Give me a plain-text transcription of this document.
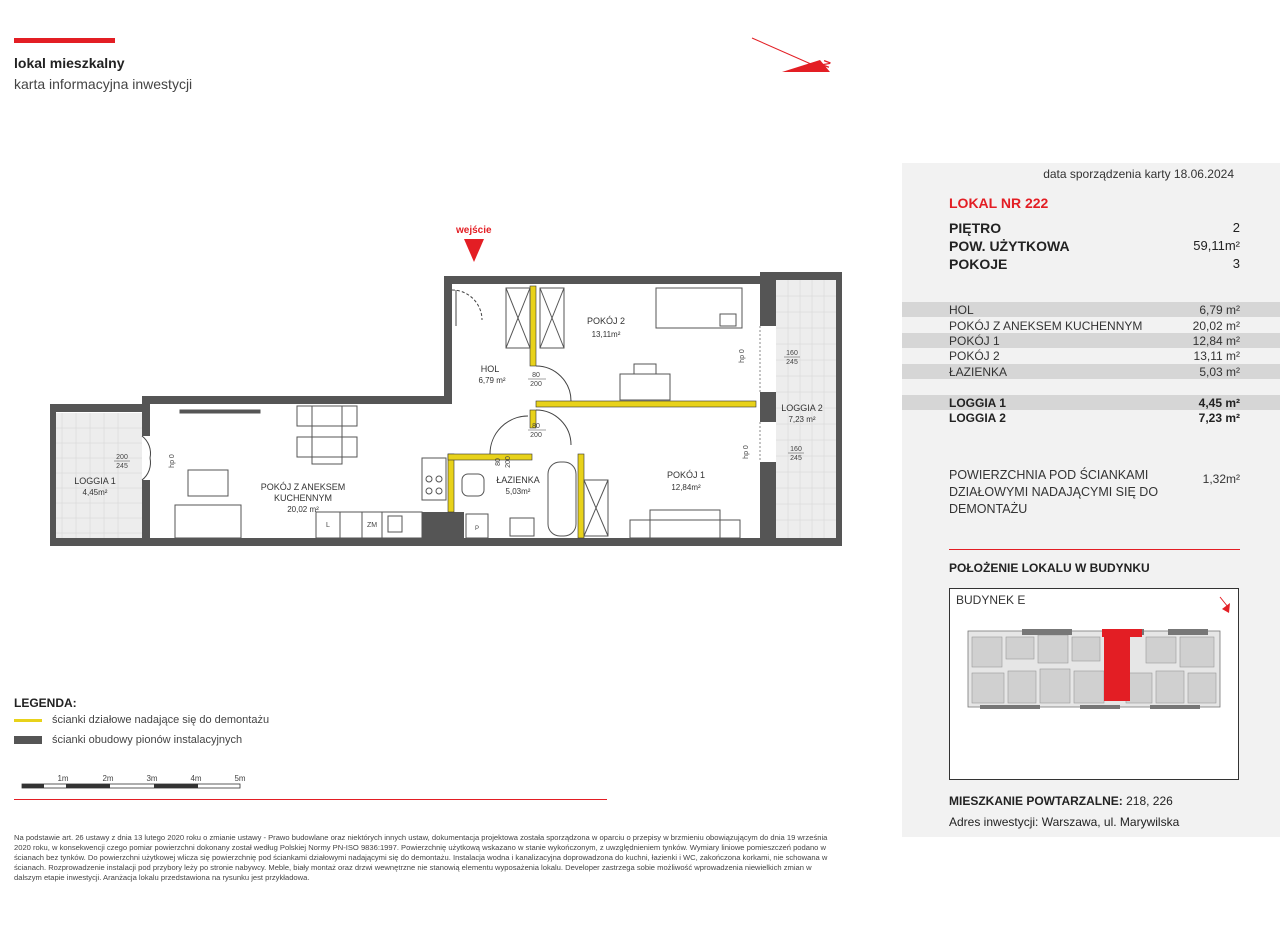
lokal mieszkalny
karta informacyjna inwestycji
N
HOL
6,79 m²
POKÓJ 2
13,11m²
POKÓJ 1
12,84m²
ŁAZIENKA
5,03m²
POKÓJ Z ANEKSEM
KUCHENNYM
20,02 m²
LOGGIA 1
4,45m²
LOGGIA 2
7,23 m²
80
200
80
200
80 200
160
245
160
245
200
245
hp 0
hp 0
hp 0
L	ZM	P
1m	2m	3m	4m	5m
wejście
LEGENDA:
ścianki działowe nadające się do demontażu
ścianki obudowy pionów instalacyjnych
Na podstawie art. 26 ustawy z dnia 13 lutego 2020 roku o zmianie ustawy - Prawo budowlane oraz niektórych innych ustaw, dokumentacja projektowa została sporządzona w oparciu o przepisy w brzmieniu obowiązującym do dnia 19 września 2020 roku, w konsekwencji czego pomiar powierzchni dokonany został według Polskiej Normy PN-ISO 9836:1997. Powierzchnię użytkową wskazano w stanie wykończonym, z uwzględnieniem tynków. Wymiary liniowe pomieszczeń podano w ścianach bez tynków. Do powierzchni użytkowej wlicza się powierzchnię pod ściankami działowymi nadającymi się do demontażu. Instalacja wodna i kanalizacyjna doprowadzona do kuchni, łazienki i WC, zakończona korkami, nie schowana w ścianach. Rozprowadzenie instalacji pod przybory leży po stronie nabywcy. Meble, biały montaż oraz drzwi wewnętrzne nie stanowią elementu wyposażenia lokalu. Developer zastrzega sobie możliwość wprowadzenia niewielkich zmian w dalszym etapie inwestycji. Aranżacja lokalu przedstawiona na rysunku jest przykładowa.
data sporządzenia karty 18.06.2024
LOKAL NR 222
PIĘTRO	2
POW. UŻYTKOWA	59,11m²
POKOJE	3
HOL	6,79 m²
POKÓJ Z ANEKSEM KUCHENNYM	20,02 m²
POKÓJ 1	12,84 m²
POKÓJ 2	13,11 m²
ŁAZIENKA	5,03 m²
LOGGIA 1	4,45 m²
LOGGIA 2	7,23 m²
POWIERZCHNIA POD ŚCIANKAMI DZIAŁOWYMI NADAJĄCYMI SIĘ DO DEMONTAŻU
1,32m²
POŁOŻENIE LOKALU W BUDYNKU
BUDYNEK E
MIESZKANIE POWTARZALNE: 218, 226
Adres inwestycji: Warszawa, ul. Marywilska
